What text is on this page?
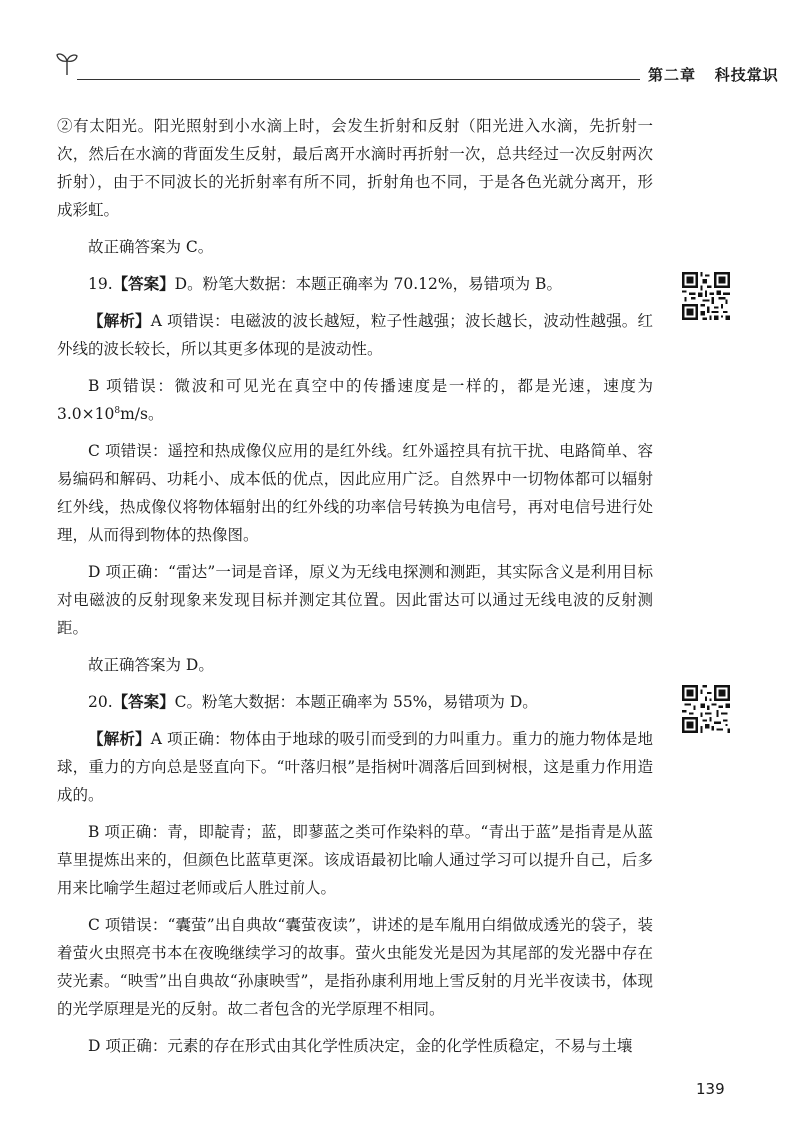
第二章 科技常识

②有太阳光。阳光照射到小水滴上时，会发生折射和反射（阳光进入水滴，先折射一次，然后在水滴的背面发生反射，最后离开水滴时再折射一次，总共经过一次反射两次折射），由于不同波长的光折射率有所不同，折射角也不同，于是各色光就分离开，形成彩虹。

故正确答案为 C。

19.【答案】D。粉笔大数据：本题正确率为 70.12%，易错项为 B。

【解析】A 项错误：电磁波的波长越短，粒子性越强；波长越长，波动性越强。红外线的波长较长，所以其更多体现的是波动性。

B 项错误：微波和可见光在真空中的传播速度是一样的，都是光速，速度为 $3.0\times 10^8m/s$。

C 项错误：遥控和热成像仪应用的是红外线。红外遥控具有抗干扰、电路简单、容易编码和解码、功耗小、成本低的优点，因此应用广泛。自然界中一切物体都可以辐射红外线，热成像仪将物体辐射出的红外线的功率信号转换为电信号，再对电信号进行处理，从而得到物体的热像图。

D 项正确：“雷达”一词是音译，原义为无线电探测和测距，其实际含义是利用目标对电磁波的反射现象来发现目标并测定其位置。因此雷达可以通过无线电波的反射测距。

故正确答案为 D。

20.【答案】C。粉笔大数据：本题正确率为 55%，易错项为 D。

【解析】A 项正确：物体由于地球的吸引而受到的力叫重力。重力的施力物体是地球，重力的方向总是竖直向下。“叶落归根”是指树叶凋落后回到树根，这是重力作用造成的。

B 项正确：青，即靛青；蓝，即蓼蓝之类可作染料的草。“青出于蓝”是指青是从蓝草里提炼出来的，但颜色比蓝草更深。该成语最初比喻人通过学习可以提升自己，后多用来比喻学生超过老师或后人胜过前人。

C 项错误：“囊萤”出自典故“囊萤夜读”，讲述的是车胤用白绢做成透光的袋子，装着萤火虫照亮书本在夜晚继续学习的故事。萤火虫能发光是因为其尾部的发光器中存在荧光素。“映雪”出自典故“孙康映雪”，是指孙康利用地上雪反射的月光半夜读书，体现的光学原理是光的反射。故二者包含的光学原理不相同。

D 项正确：元素的存在形式由其化学性质决定，金的化学性质稳定，不易与土壤

139
